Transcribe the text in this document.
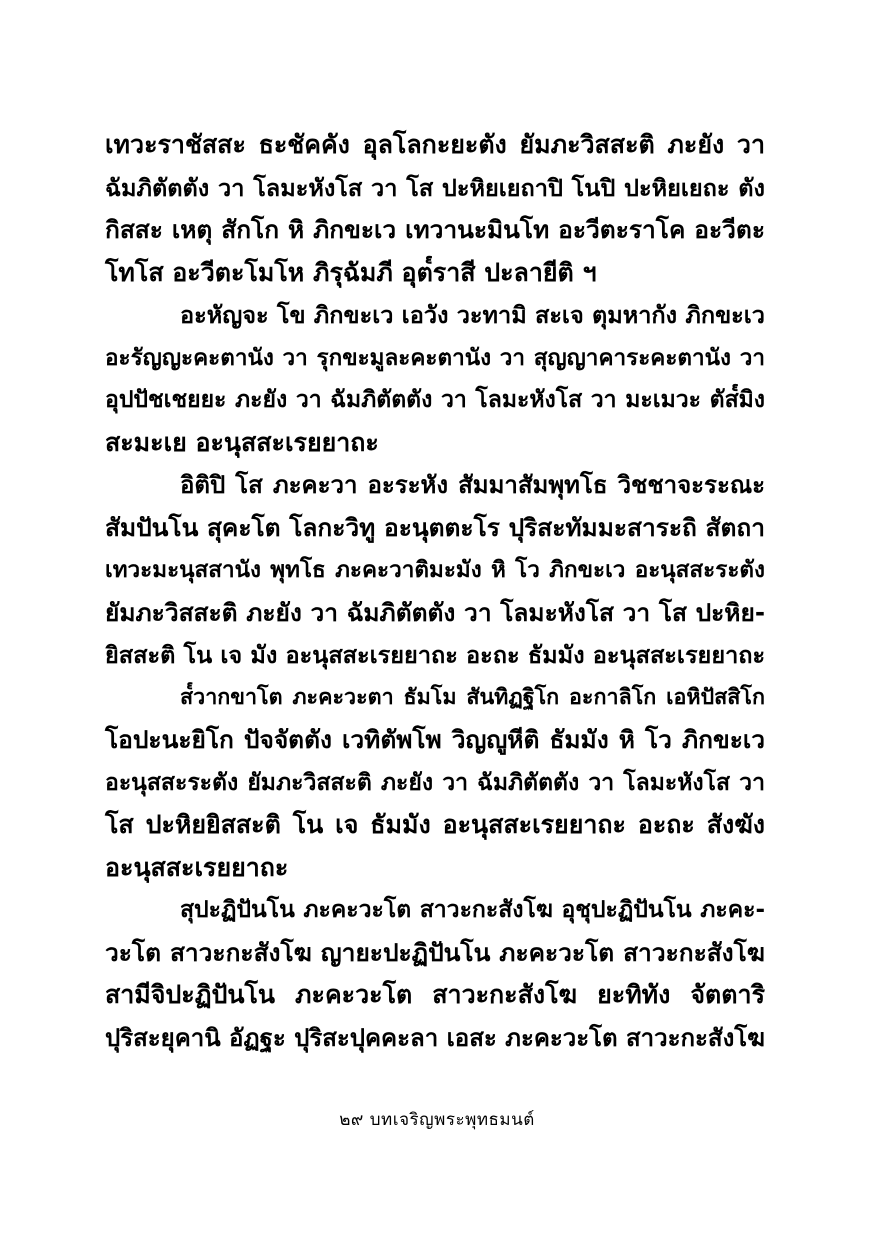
เทวะราชัสสะ ธะชัคคัง อุลโลกะยะตัง ยัมภะวิสสะติ ภะยัง วา
ฉัมภิตัตตัง วา โลมะหังโส วา โส ปะหิยเยถาปิ โนปิ ปะหิยเยถะ ตัง
กิสสะ เหตุ สักโก หิ ภิกขะเว เทวานะมินโท อะวีตะราโค อะวีตะ
โทโส อะวีตะโมโห ภิรุฉัมภี อุต๎ราสี ปะลายีติ ฯ
อะหัญจะ โข ภิกขะเว เอวัง วะทามิ สะเจ ตุมหากัง ภิกขะเว
อะรัญญะคะตานัง วา รุกขะมูละคะตานัง วา สุญญาคาระคะตานัง วา
อุปปัชเชยยะ ภะยัง วา ฉัมภิตัตตัง วา โลมะหังโส วา มะเมวะ ตัส๎มิง
สะมะเย อะนุสสะเรยยาถะ
อิติปิ โส ภะคะวา อะระหัง สัมมาสัมพุทโธ วิชชาจะระณะ
สัมปันโน สุคะโต โลกะวิทู อะนุตตะโร ปุริสะทัมมะสาระถิ สัตถา
เทวะมะนุสสานัง พุทโธ ภะคะวาติมะมัง หิ โว ภิกขะเว อะนุสสะระตัง
ยัมภะวิสสะติ ภะยัง วา ฉัมภิตัตตัง วา โลมะหังโส วา โส ปะหิย-
ยิสสะติ โน เจ มัง อะนุสสะเรยยาถะ อะถะ ธัมมัง อะนุสสะเรยยาถะ
ส๎วากขาโต ภะคะวะตา ธัมโม สันทิฏฐิโก อะกาลิโก เอหิปัสสิโก
โอปะนะยิโก ปัจจัตตัง เวทิตัพโพ วิญญูหีติ ธัมมัง หิ โว ภิกขะเว
อะนุสสะระตัง ยัมภะวิสสะติ ภะยัง วา ฉัมภิตัตตัง วา โลมะหังโส วา
โส ปะหิยยิสสะติ โน เจ ธัมมัง อะนุสสะเรยยาถะ อะถะ สังฆัง
อะนุสสะเรยยาถะ
สุปะฏิปันโน ภะคะวะโต สาวะกะสังโฆ อุชุปะฏิปันโน ภะคะ-
วะโต สาวะกะสังโฆ ญายะปะฏิปันโน ภะคะวะโต สาวะกะสังโฆ
สามีจิปะฏิปันโน ภะคะวะโต สาวะกะสังโฆ ยะทิทัง จัตตาริ
ปุริสะยุคานิ อัฏฐะ ปุริสะปุคคะลา เอสะ ภะคะวะโต สาวะกะสังโฆ
๒๙ บทเจริญพระพุทธมนต์
